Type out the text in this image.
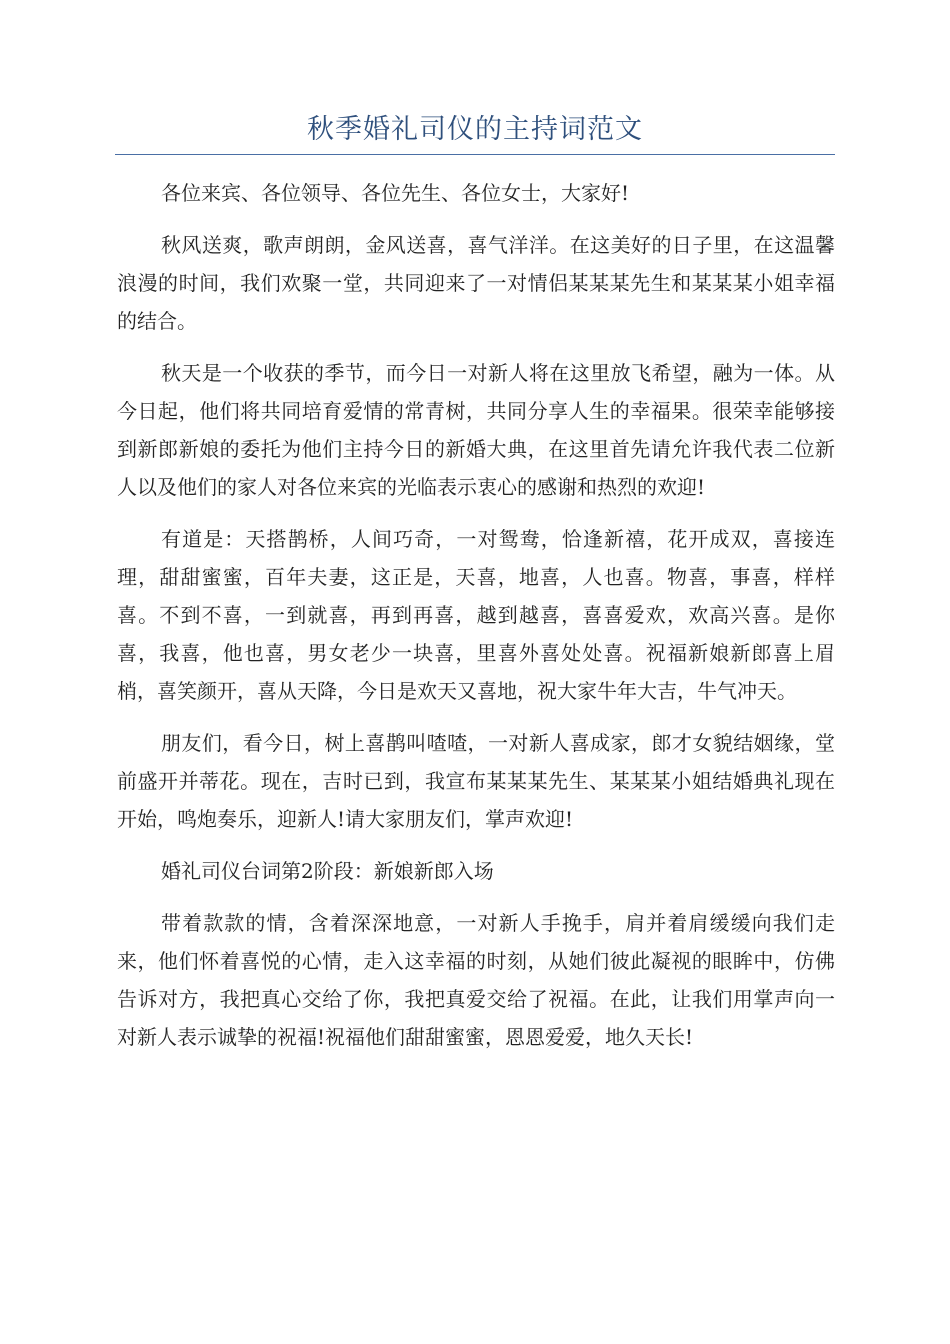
秋季婚礼司仪的主持词范文

各位来宾、各位领导、各位先生、各位女士，大家好!

秋风送爽，歌声朗朗，金风送喜，喜气洋洋。在这美好的日子里，在这温馨浪漫的时间，我们欢聚一堂，共同迎来了一对情侣某某某先生和某某某小姐幸福的结合。

秋天是一个收获的季节，而今日一对新人将在这里放飞希望，融为一体。从今日起，他们将共同培育爱情的常青树，共同分享人生的幸福果。很荣幸能够接到新郎新娘的委托为他们主持今日的新婚大典，在这里首先请允许我代表二位新人以及他们的家人对各位来宾的光临表示衷心的感谢和热烈的欢迎!

有道是：天搭鹊桥，人间巧奇，一对鸳鸯，恰逢新禧，花开成双，喜接连理，甜甜蜜蜜，百年夫妻，这正是，天喜，地喜，人也喜。物喜，事喜，样样喜。不到不喜，一到就喜，再到再喜，越到越喜，喜喜爱欢，欢高兴喜。是你喜，我喜，他也喜，男女老少一块喜，里喜外喜处处喜。祝福新娘新郎喜上眉梢，喜笑颜开，喜从天降，今日是欢天又喜地，祝大家牛年大吉，牛气冲天。

朋友们，看今日，树上喜鹊叫喳喳，一对新人喜成家，郎才女貌结姻缘，堂前盛开并蒂花。现在，吉时已到，我宣布某某某先生、某某某小姐结婚典礼现在开始，鸣炮奏乐，迎新人!请大家朋友们，掌声欢迎!

婚礼司仪台词第2阶段：新娘新郎入场

带着款款的情，含着深深地意，一对新人手挽手，肩并着肩缓缓向我们走来，他们怀着喜悦的心情，走入这幸福的时刻，从她们彼此凝视的眼眸中，仿佛告诉对方，我把真心交给了你，我把真爱交给了祝福。在此，让我们用掌声向一对新人表示诚挚的祝福!祝福他们甜甜蜜蜜，恩恩爱爱，地久天长!
